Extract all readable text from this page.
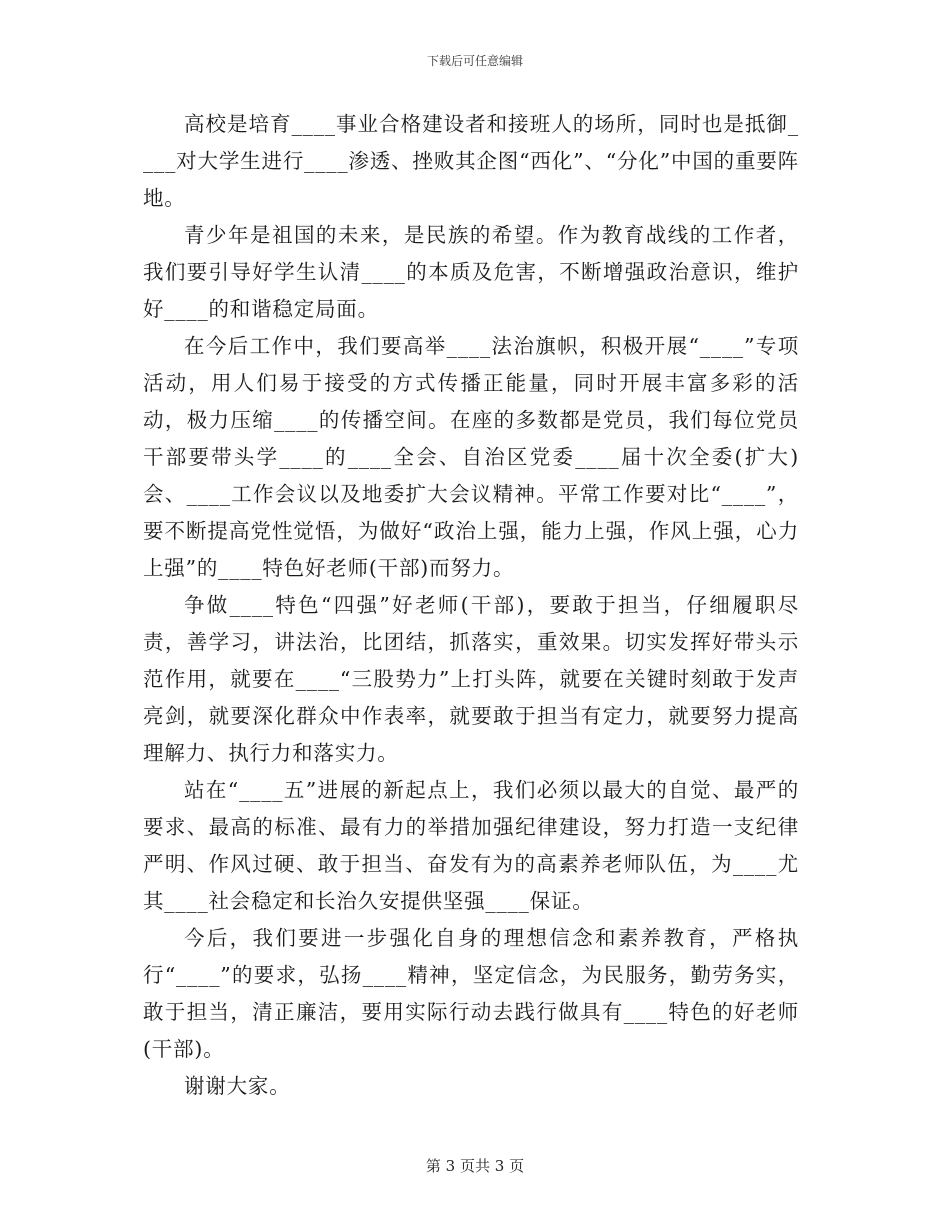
下载后可任意编辑

高校是培育____事业合格建设者和接班人的场所，同时也是抵御____对大学生进行____渗透、挫败其企图“西化”、“分化”中国的重要阵地。

青少年是祖国的未来，是民族的希望。作为教育战线的工作者，我们要引导好学生认清____的本质及危害，不断增强政治意识，维护好____的和谐稳定局面。

在今后工作中，我们要高举____法治旗帜，积极开展“____”专项活动，用人们易于接受的方式传播正能量，同时开展丰富多彩的活动，极力压缩____的传播空间。在座的多数都是党员，我们每位党员干部要带头学____的____全会、自治区党委____届十次全委(扩大)会、____工作会议以及地委扩大会议精神。平常工作要对比“____”，要不断提高党性觉悟，为做好“政治上强，能力上强，作风上强，心力上强”的____特色好老师(干部)而努力。

争做____特色“四强”好老师(干部)，要敢于担当，仔细履职尽责，善学习，讲法治，比团结，抓落实，重效果。切实发挥好带头示范作用，就要在____“三股势力”上打头阵，就要在关键时刻敢于发声亮剑，就要深化群众中作表率，就要敢于担当有定力，就要努力提高理解力、执行力和落实力。

站在“____五”进展的新起点上，我们必须以最大的自觉、最严的要求、最高的标准、最有力的举措加强纪律建设，努力打造一支纪律严明、作风过硬、敢于担当、奋发有为的高素养老师队伍，为____尤其____社会稳定和长治久安提供坚强____保证。

今后，我们要进一步强化自身的理想信念和素养教育，严格执行“____”的要求，弘扬____精神，坚定信念，为民服务，勤劳务实，敢于担当，清正廉洁，要用实际行动去践行做具有____特色的好老师(干部)。

谢谢大家。

第 3 页共 3 页
